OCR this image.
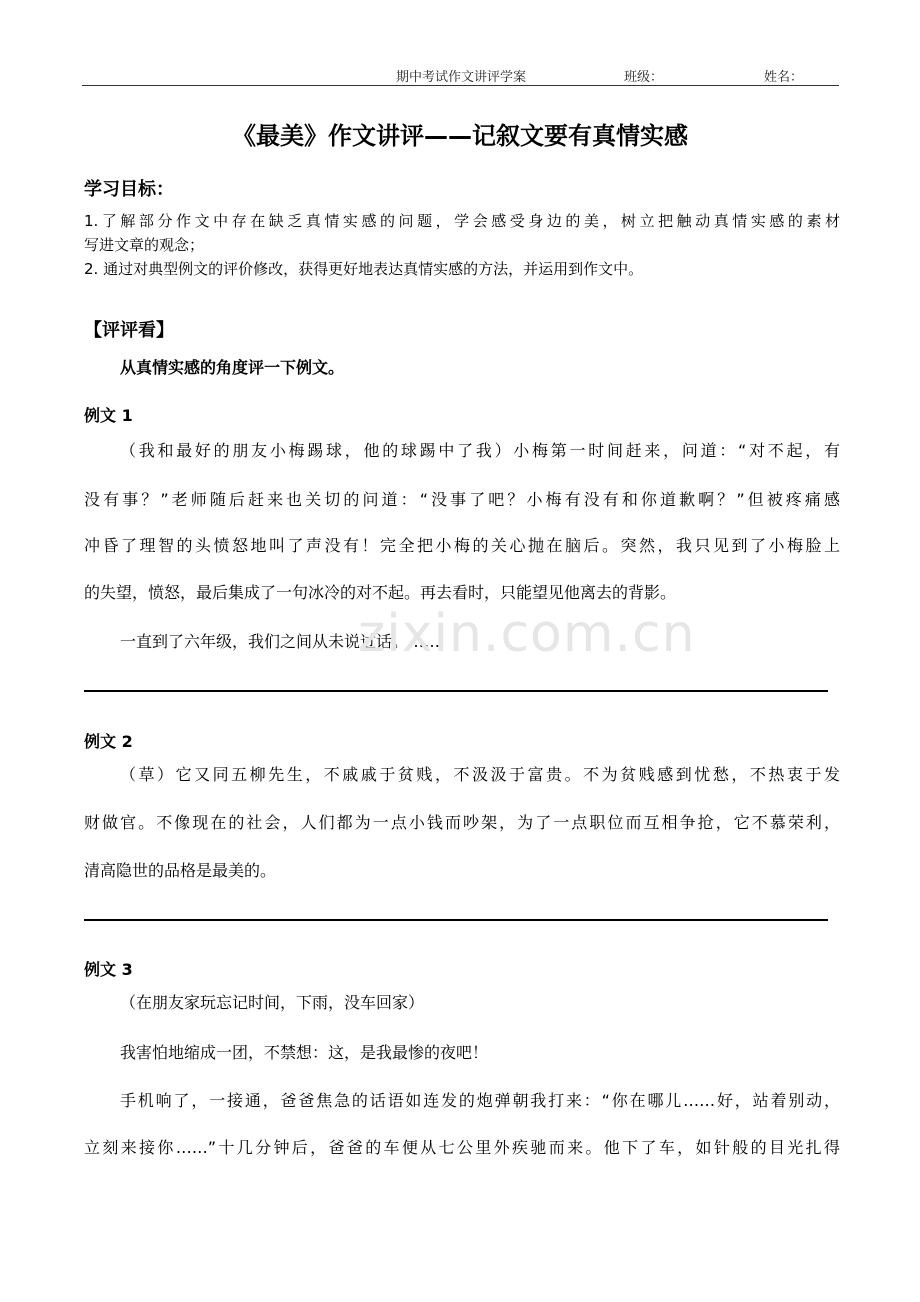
期中考试作文讲评学案	班级：	姓名：
《最美》作文讲评——记叙文要有真情实感
学习目标：
1.了解部分作文中存在缺乏真情实感的问题，学会感受身边的美，树立把触动真情实感的素材
写进文章的观念；
2. 通过对典型例文的评价修改，获得更好地表达真情实感的方法，并运用到作文中。
【评评看】
从真情实感的角度评一下例文。
例文 1
（我和最好的朋友小梅踢球，他的球踢中了我）小梅第一时间赶来，问道：“对不起，有
没有事？”老师随后赶来也关切的问道：“没事了吧？小梅有没有和你道歉啊？”但被疼痛感
冲昏了理智的头愤怒地叫了声没有！完全把小梅的关心抛在脑后。突然，我只见到了小梅脸上
的失望，愤怒，最后集成了一句冰冷的对不起。再去看时，只能望见他离去的背影。
一直到了六年级，我们之间从未说过话。……
zixin.com.cn
例文 2
（草）它又同五柳先生，不戚戚于贫贱，不汲汲于富贵。不为贫贱感到忧愁，不热衷于发
财做官。不像现在的社会，人们都为一点小钱而吵架，为了一点职位而互相争抢，它不慕荣利，
清高隐世的品格是最美的。
例文 3
（在朋友家玩忘记时间，下雨，没车回家）
我害怕地缩成一团，不禁想：这，是我最惨的夜吧！
手机响了，一接通，爸爸焦急的话语如连发的炮弹朝我打来：“你在哪儿……好，站着别动，
立刻来接你……”十几分钟后，爸爸的车便从七公里外疾驰而来。他下了车，如针般的目光扎得
